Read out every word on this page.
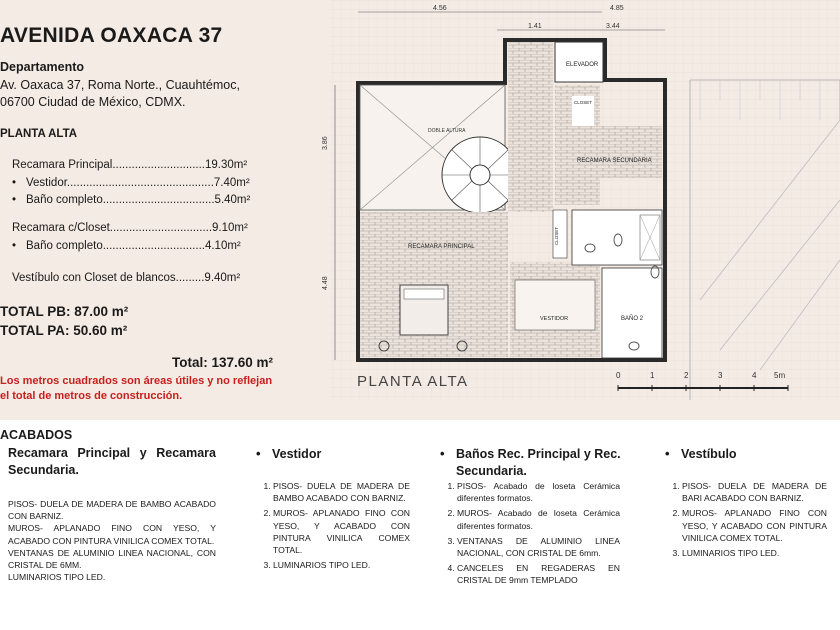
AVENIDA OAXACA 37
Departamento
Av. Oaxaca 37, Roma Norte., Cuauhtémoc,
06700 Ciudad de México, CDMX.
PLANTA ALTA
Recamara Principal.............................19.30m²
• Vestidor..............................................7.40m²
• Baño completo...................................5.40m²
Recamara c/Closet................................9.10m²
• Baño completo................................4.10m²
Vestíbulo con Closet de blancos.........9.40m²
TOTAL PB: 87.00 m²
TOTAL PA: 50.60 m²
Total: 137.60 m²
Los metros cuadrados son áreas útiles y no reflejan
el total de metros de construcción.
4.56	4.85
1.41	3.44
3.86
4.48
DOBLE ALTURA
ELEVADOR
CLOSET
RECAMARA SECUNDARIA
RECAMARA PRINCIPAL
VESTIDOR
CLOSET
BAÑO 2
0	1	2	3	4 5m
PLANTA ALTA
ACABADOS
Recamara Principal y Recamara Secundaria.
PISOS- DUELA DE MADERA DE BAMBO ACABADO CON BARNIZ.
MUROS- APLANADO FINO CON YESO, Y ACABADO CON PINTURA VINILICA COMEX TOTAL.
VENTANAS DE ALUMINIO LINEA NACIONAL, CON CRISTAL DE 6MM.
LUMINARIOS TIPO LED.
• Vestidor
1. PISOS- DUELA DE MADERA DE BAMBO ACABADO CON BARNIZ.
2. MUROS- APLANADO FINO CON YESO, Y ACABADO CON PINTURA VINILICA COMEX TOTAL.
3. LUMINARIOS TIPO LED.
• Baños Rec. Principal y Rec. Secundaria.
1. PISOS- Acabado de loseta Cerámica diferentes formatos.
2. MUROS- Acabado de loseta Cerámica diferentes formatos.
3. VENTANAS DE ALUMINIO LINEA NACIONAL, CON CRISTAL DE 6mm.
4. CANCELES EN REGADERAS EN CRISTAL DE 9mm TEMPLADO
• Vestíbulo
1. PISOS- DUELA DE MADERA DE BARI ACABADO CON BARNIZ.
2. MUROS- APLANADO FINO CON YESO, Y ACABADO CON PINTURA VINILICA COMEX TOTAL.
3. LUMINARIOS TIPO LED.
